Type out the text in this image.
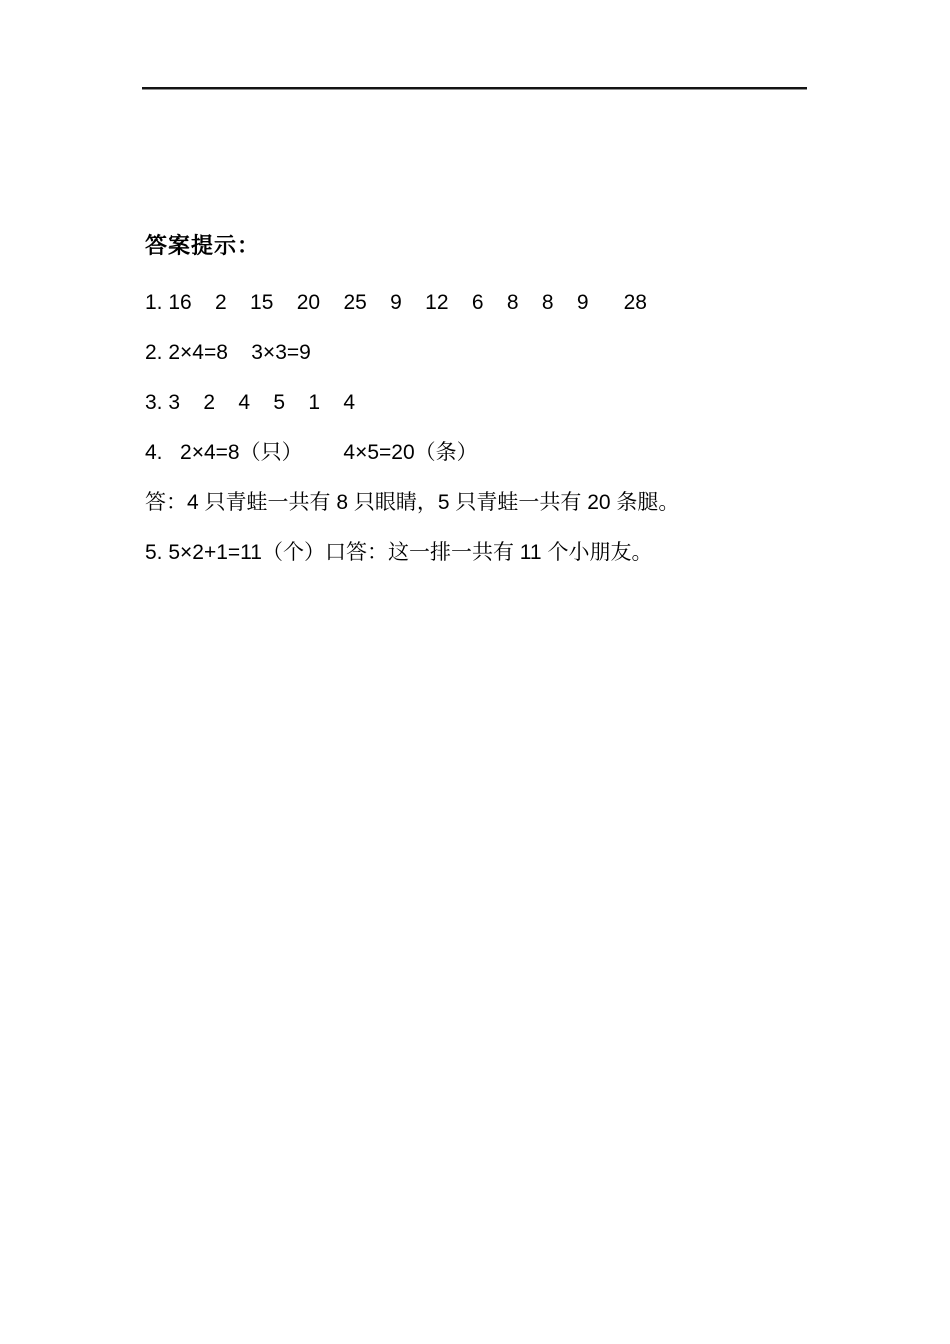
答案提示：

1. 16    2    15    20    25    9    12    6    8    8    9      28

2. 2×4=8    3×3=9

3. 3    2    4    5    1    4

4.   2×4=8（只）       4×5=20（条）

答：4 只青蛙一共有 8 只眼睛，5 只青蛙一共有 20 条腿。

5. 5×2+1=11（个）口答：这一排一共有 11 个小朋友。
